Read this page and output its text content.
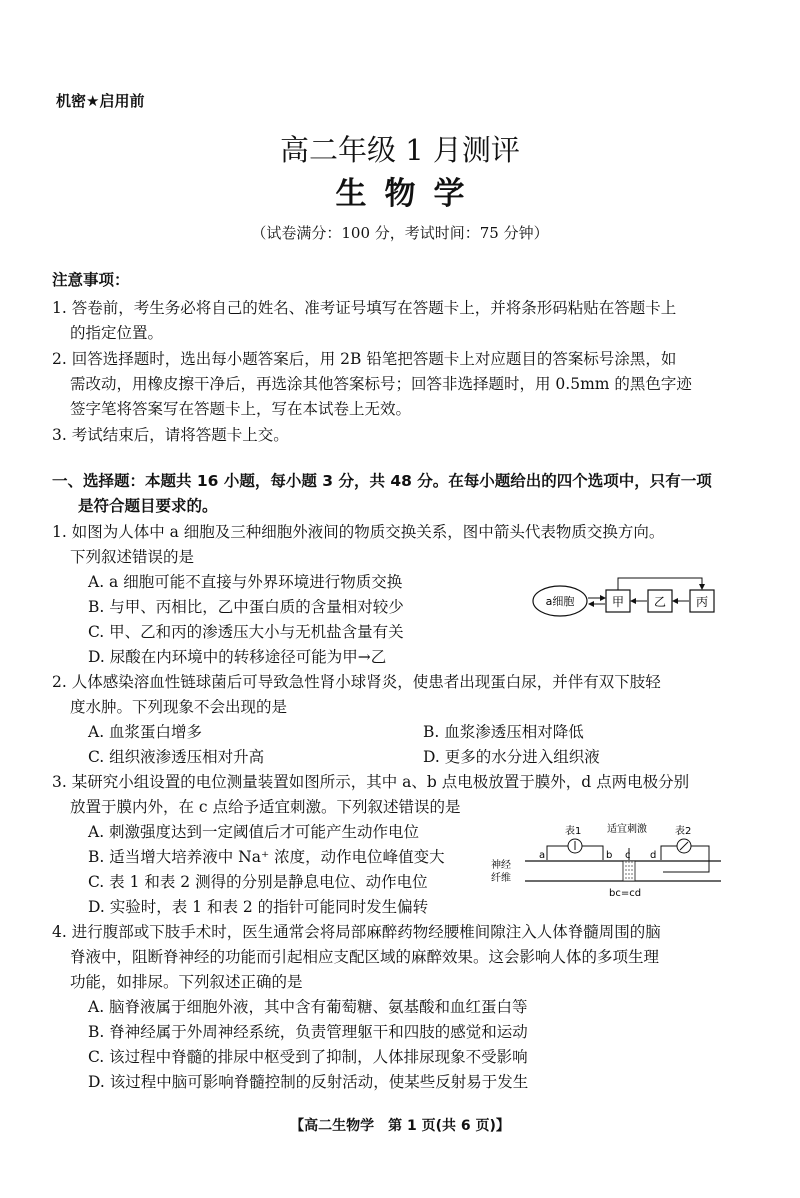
机密★启用前
高二年级 1 月测评
生物学
（试卷满分：100 分，考试时间：75 分钟）
注意事项：
1. 答卷前，考生务必将自己的姓名、准考证号填写在答题卡上，并将条形码粘贴在答题卡上
的指定位置。
2. 回答选择题时，选出每小题答案后，用 2B 铅笔把答题卡上对应题目的答案标号涂黑，如
需改动，用橡皮擦干净后，再选涂其他答案标号；回答非选择题时，用 0.5mm 的黑色字迹
签字笔将答案写在答题卡上，写在本试卷上无效。
3. 考试结束后，请将答题卡上交。
一、选择题：本题共 16 小题，每小题 3 分，共 48 分。在每小题给出的四个选项中，只有一项
是符合题目要求的。
1. 如图为人体中 a 细胞及三种细胞外液间的物质交换关系，图中箭头代表物质交换方向。
下列叙述错误的是
A. a 细胞可能不直接与外界环境进行物质交换
B. 与甲、丙相比，乙中蛋白质的含量相对较少
C. 甲、乙和丙的渗透压大小与无机盐含量有关
D. 尿酸在内环境中的转移途径可能为甲→乙
a细胞	甲 乙 丙
2. 人体感染溶血性链球菌后可导致急性肾小球肾炎，使患者出现蛋白尿，并伴有双下肢轻
度水肿。下列现象不会出现的是
A. 血浆蛋白增多	B. 血浆渗透压相对降低
C. 组织液渗透压相对升高	D. 更多的水分进入组织液
3. 某研究小组设置的电位测量装置如图所示，其中 a、b 点电极放置于膜外，d 点两电极分别
放置于膜内外，在 c 点给予适宜刺激。下列叙述错误的是
A. 刺激强度达到一定阈值后才可能产生动作电位
B. 适当增大培养液中 Na⁺ 浓度，动作电位峰值变大
C. 表 1 和表 2 测得的分别是静息电位、动作电位
D. 实验时，表 1 和表 2 的指针可能同时发生偏转
神经
纤维
适宜刺激
c
表1
a	b
表2
d
bc=cd
4. 进行腹部或下肢手术时，医生通常会将局部麻醉药物经腰椎间隙注入人体脊髓周围的脑
脊液中，阻断脊神经的功能而引起相应支配区域的麻醉效果。这会影响人体的多项生理
功能，如排尿。下列叙述正确的是
A. 脑脊液属于细胞外液，其中含有葡萄糖、氨基酸和血红蛋白等
B. 脊神经属于外周神经系统，负责管理躯干和四肢的感觉和运动
C. 该过程中脊髓的排尿中枢受到了抑制，人体排尿现象不受影响
D. 该过程中脑可影响脊髓控制的反射活动，使某些反射易于发生
【高二生物学　第 1 页(共 6 页)】
